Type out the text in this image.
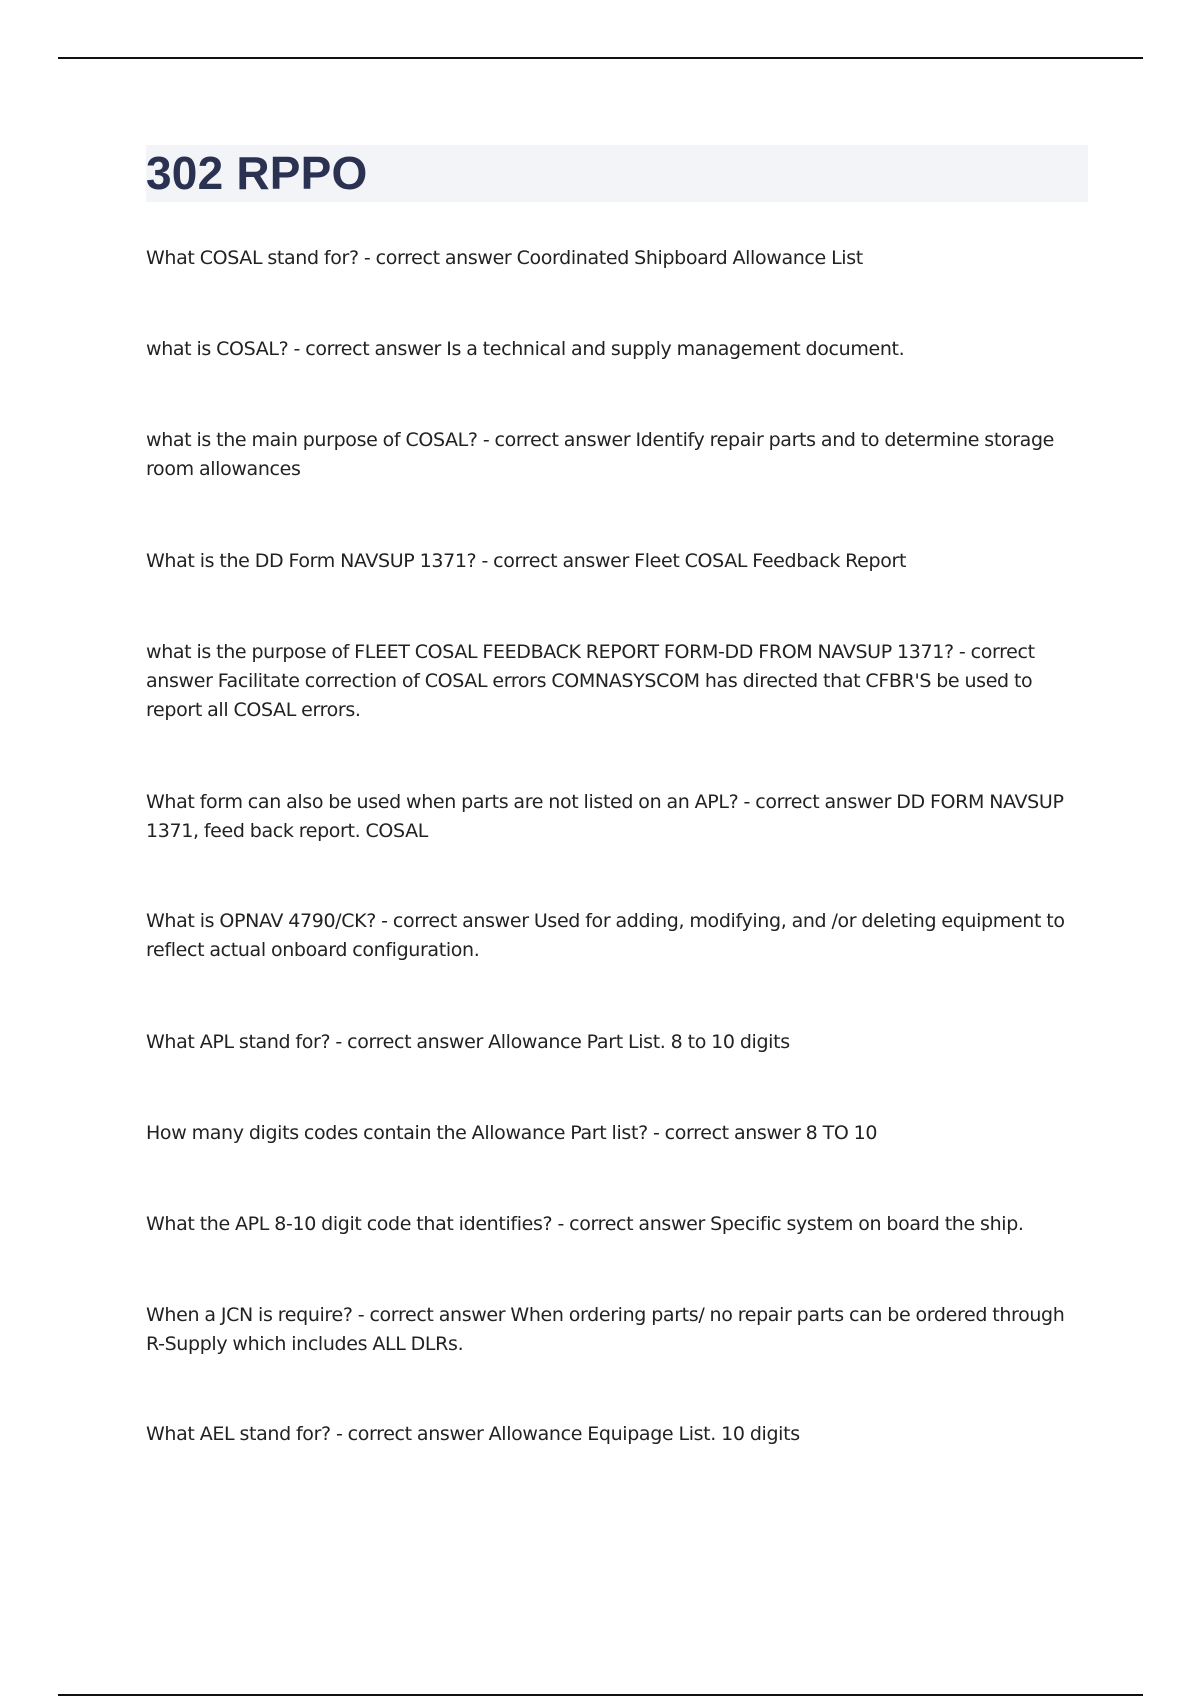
302 RPPO
What COSAL stand for? - correct answer Coordinated Shipboard Allowance List
what is COSAL? - correct answer Is a technical and supply management document.
what is the main purpose of COSAL? - correct answer Identify repair parts and to determine storage room allowances
What is the DD Form NAVSUP 1371? - correct answer Fleet COSAL Feedback Report
what is the purpose of FLEET COSAL FEEDBACK REPORT FORM-DD FROM NAVSUP 1371? - correct answer Facilitate correction of COSAL errors COMNASYSCOM has directed that CFBR'S be used to report all COSAL errors.
What form can also be used when parts are not listed on an APL? - correct answer DD FORM NAVSUP 1371, feed back report. COSAL
What is OPNAV 4790/CK? - correct answer Used for adding, modifying, and /or deleting equipment to reflect actual onboard configuration.
What APL stand for? - correct answer Allowance Part List. 8 to 10 digits
How many digits codes contain the Allowance Part list? - correct answer 8 TO 10
What the APL 8-10 digit code that identifies? - correct answer Specific system on board the ship.
When a JCN is require? - correct answer When ordering parts/ no repair parts can be ordered through R-Supply which includes ALL DLRs.
What AEL stand for? - correct answer Allowance Equipage List. 10 digits
